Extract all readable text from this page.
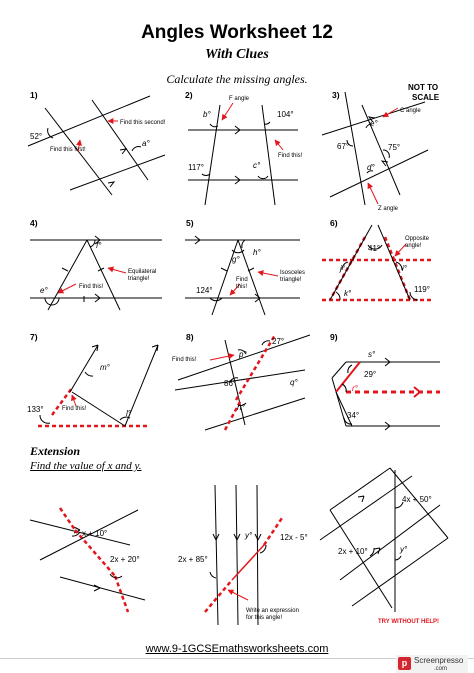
Angles Worksheet 12
With Clues
Calculate the missing angles.
NOT TO
SCALE
1)
52°
a°
Find this second!
Find this first!
2)
b°	104°
117°	c°
F angle
Find this!
3)
e°
67°	75°
d°
C angle
Z angle
4)
f°
e°
Equilateral
triangle!
Find this!
5)
g°
h°
124°
Isosceles
triangle!
Find
this!
6)
41°
j°	i°
k°	119°
Opposite
angle!
7)
m°
133°	l°
Find this!
8)	27°
p°
86°	q°
n°
Find this!
9)
s°
29°
r°
34°
x + 10°
2x + 20°	2x + 85°
y°	12x - 5°
Write an expression
for this angle!
4x + 50°
2x + 10°	y°
TRY WITHOUT HELP!
Extension
Find the value of x and y.
www.9-1GCSEmathsworksheets.com
p Screenpresso
.com
